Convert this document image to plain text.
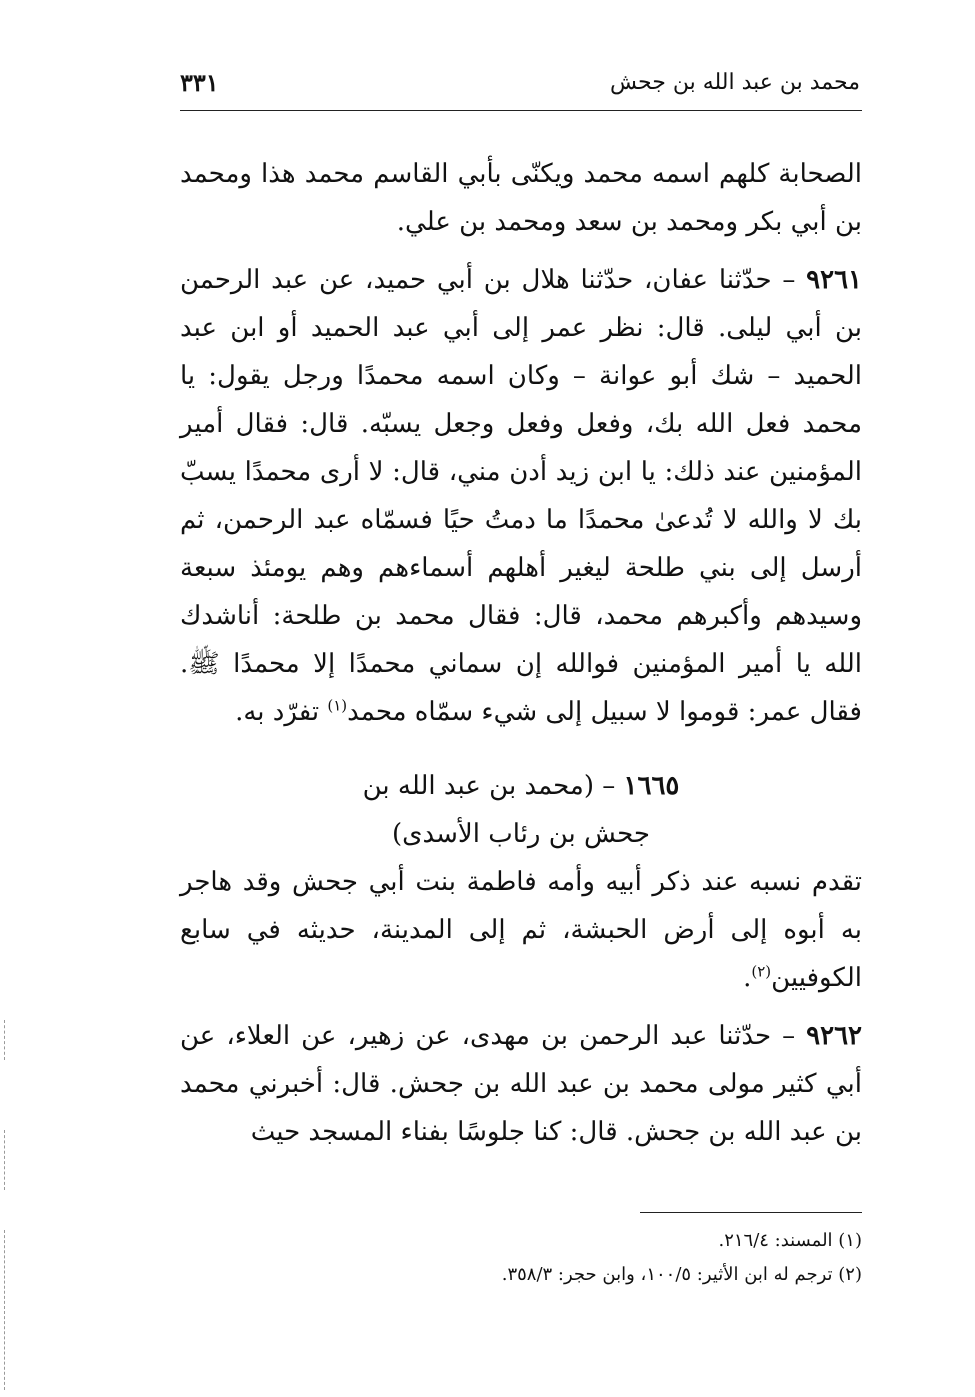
محمد بن عبد الله بن جحش
٣٣١

الصحابة كلهم اسمه محمد ويكنّى بأبي القاسم محمد هذا ومحمد بن أبي بكر ومحمد بن سعد ومحمد بن علي.

٩٢٦١ – حدّثنا عفان، حدّثنا هلال بن أبي حميد، عن عبد الرحمن بن أبي ليلى. قال: نظر عمر إلى أبي عبد الحميد أو ابن عبد الحميد – شك أبو عوانة – وكان اسمه محمدًا ورجل يقول: يا محمد فعل الله بك، وفعل وفعل وجعل يسبّه. قال: فقال أمير المؤمنين عند ذلك: يا ابن زيد أدن مني، قال: لا أرى محمدًا يسبّ بك لا والله لا تُدعىٰ محمدًا ما دمتُ حيًا فسمّاه عبد الرحمن، ثم أرسل إلى بني طلحة ليغير أهلهم أسماءهم وهم يومئذ سبعة وسيدهم وأكبرهم محمد، قال: فقال محمد بن طلحة: أناشدك الله يا أمير المؤمنين فوالله إن سماني محمدًا إلا محمدًا ﷺ. فقال عمر: قوموا لا سبيل إلى شيء سمّاه محمد$^{(١)}$ تفرّد به.

١٦٦٥ – (محمد بن عبد الله بن
جحش بن رئاب الأسدى)

تقدم نسبه عند ذكر أبيه وأمه فاطمة بنت أبي جحش وقد هاجر به أبوه إلى أرض الحبشة، ثم إلى المدينة، حديثه في سابع الكوفيين$^{(٢)}$.

٩٢٦٢ – حدّثنا عبد الرحمن بن مهدى، عن زهير، عن العلاء، عن أبي كثير مولى محمد بن عبد الله بن جحش. قال: أخبرني محمد بن عبد الله بن جحش. قال: كنا جلوسًا بفناء المسجد حيث

(١) المسند: ٢١٦/٤.

(٢) ترجم له ابن الأثير: ١٠٠/٥، وابن حجر: ٣٥٨/٣.
